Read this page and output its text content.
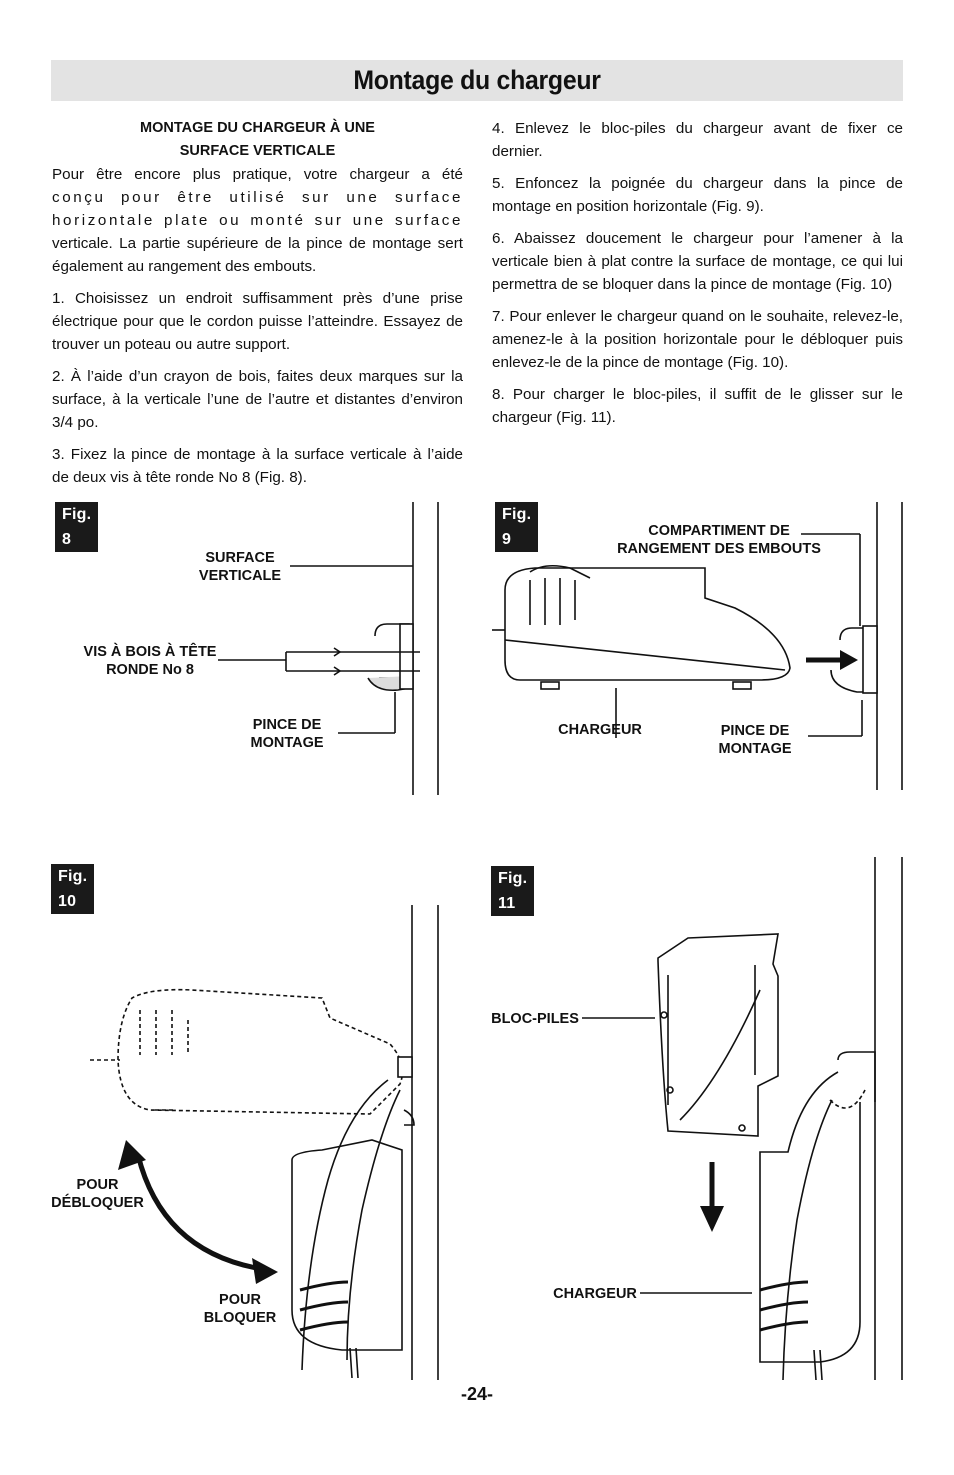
Montage du chargeur
MONTAGE DU CHARGEUR À UNE
SURFACE VERTICALE
Pour être encore plus pratique, votre chargeur a été
conçu pour être utilisé sur une surface
horizontale plate ou monté sur une surface
verticale. La partie supérieure de la pince de montage sert également au rangement des embouts.

1. Choisissez un endroit suffisamment près d’une prise électrique pour que le cordon puisse l’atteindre. Essayez de trouver un poteau ou autre support.

2. À l’aide d’un crayon de bois, faites deux marques sur la surface, à la verticale l’une de l’autre et distantes d’environ 3/4 po.

3. Fixez la pince de montage à la surface verticale à l’aide de deux vis à tête ronde No 8 (Fig. 8).

4. Enlevez le bloc-piles du chargeur avant de fixer ce dernier.

5. Enfoncez la poignée du chargeur dans la pince de montage en position horizontale (Fig. 9).

6. Abaissez doucement le chargeur pour l’amener à la verticale bien à plat contre la surface de montage, ce qui lui permettra de se bloquer dans la pince de montage (Fig. 10)

7. Pour enlever le chargeur quand on le souhaite, relevez-le, amenez-le à la position horizontale pour le débloquer puis enlevez-le de la pince de montage (Fig. 10).

8. Pour charger le bloc-piles, il suffit de le glisser sur le chargeur (Fig. 11).

Fig. 8
SURFACE
VERTICALE
VIS À BOIS À TÊTE
RONDE No 8
PINCE DE
MONTAGE
Fig. 9	COMPARTIMENT DE
RANGEMENT DES EMBOUTS
CHARGEUR	PINCE DE
MONTAGE
Fig. 10
POUR
DÉBLOQUER
POUR
BLOQUER
Fig. 11
BLOC-PILES
CHARGEUR
-24-
